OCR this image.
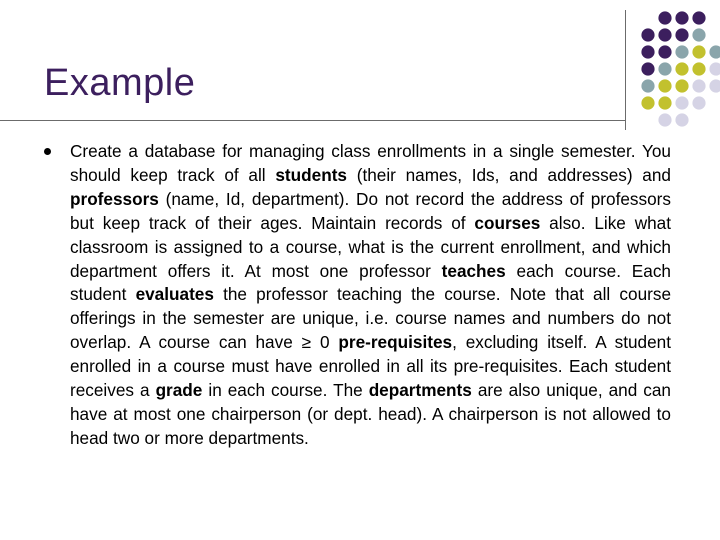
Example

Create a database for managing class enrollments in a single semester. You should keep track of all students (their names, Ids, and addresses) and professors (name, Id, department). Do not record the address of professors but keep track of their ages. Maintain records of courses also. Like what classroom is assigned to a course, what is the current enrollment, and which department offers it. At most one professor teaches each course. Each student evaluates the professor teaching the course. Note that all course offerings in the semester are unique, i.e. course names and numbers do not overlap. A course can have ≥ 0 pre-requisites, excluding itself. A student enrolled in a course must have enrolled in all its pre-requisites. Each student receives a grade in each course. The departments are also unique, and can have at most one chairperson (or dept. head). A chairperson is not allowed to head two or more departments.
